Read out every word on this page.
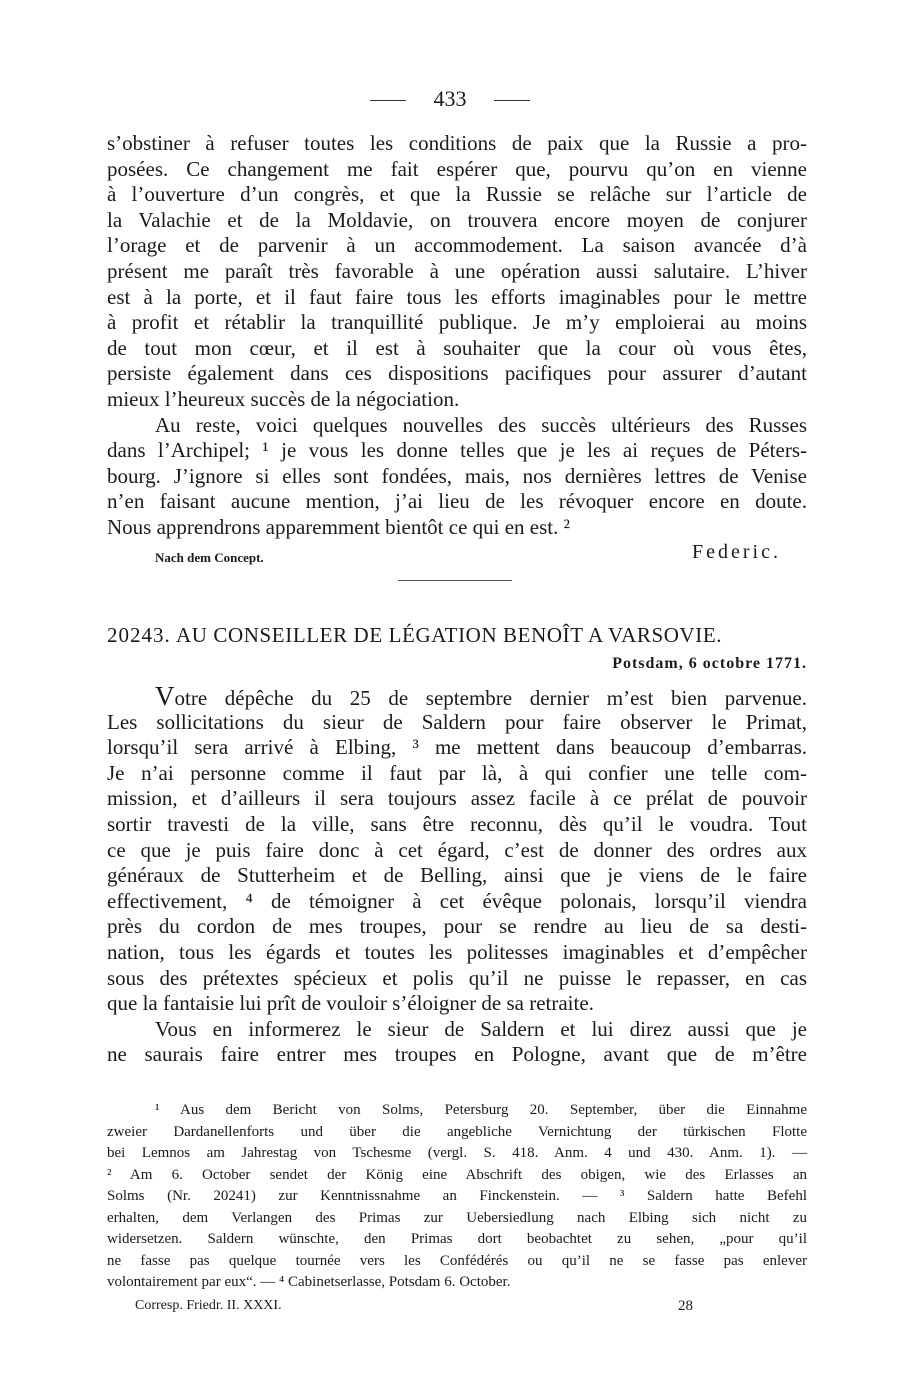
433
s’obstiner à refuser toutes les conditions de paix que la Russie a pro-
posées. Ce changement me fait espérer que, pourvu qu’on en vienne
à l’ouverture d’un congrès, et que la Russie se relâche sur l’article de
la Valachie et de la Moldavie, on trouvera encore moyen de conjurer
l’orage et de parvenir à un accommodement. La saison avancée d’à
présent me paraît très favorable à une opération aussi salutaire. L’hiver
est à la porte, et il faut faire tous les efforts imaginables pour le mettre
à profit et rétablir la tranquillité publique. Je m’y emploierai au moins
de tout mon cœur, et il est à souhaiter que la cour où vous êtes,
persiste également dans ces dispositions pacifiques pour assurer d’autant
mieux l’heureux succès de la négociation.
Au reste, voici quelques nouvelles des succès ultérieurs des Russes
dans l’Archipel; ¹ je vous les donne telles que je les ai reçues de Péters-
bourg. J’ignore si elles sont fondées, mais, nos dernières lettres de Venise
n’en faisant aucune mention, j’ai lieu de les révoquer encore en doute.
Nous apprendrons apparemment bientôt ce qui en est. ²
Nach dem Concept.	Federic.
20243. AU CONSEILLER DE LÉGATION BENOÎT A VARSOVIE.
Potsdam, 6 octobre 1771.
Votre dépêche du 25 de septembre dernier m’est bien parvenue.
Les sollicitations du sieur de Saldern pour faire observer le Primat,
lorsqu’il sera arrivé à Elbing, ³ me mettent dans beaucoup d’embarras.
Je n’ai personne comme il faut par là, à qui confier une telle com-
mission, et d’ailleurs il sera toujours assez facile à ce prélat de pouvoir
sortir travesti de la ville, sans être reconnu, dès qu’il le voudra. Tout
ce que je puis faire donc à cet égard, c’est de donner des ordres aux
généraux de Stutterheim et de Belling, ainsi que je viens de le faire
effectivement, ⁴ de témoigner à cet évêque polonais, lorsqu’il viendra
près du cordon de mes troupes, pour se rendre au lieu de sa desti-
nation, tous les égards et toutes les politesses imaginables et d’empêcher
sous des prétextes spécieux et polis qu’il ne puisse le repasser, en cas
que la fantaisie lui prît de vouloir s’éloigner de sa retraite.
Vous en informerez le sieur de Saldern et lui direz aussi que je
ne saurais faire entrer mes troupes en Pologne, avant que de m’être
¹ Aus dem Bericht von Solms, Petersburg 20. September, über die Einnahme
zweier Dardanellenforts und über die angebliche Vernichtung der türkischen Flotte
bei Lemnos am Jahrestag von Tschesme (vergl. S. 418. Anm. 4 und 430. Anm. 1). —
² Am 6. October sendet der König eine Abschrift des obigen, wie des Erlasses an
Solms (Nr. 20241) zur Kenntnissnahme an Finckenstein. — ³ Saldern hatte Befehl
erhalten, dem Verlangen des Primas zur Uebersiedlung nach Elbing sich nicht zu
widersetzen. Saldern wünschte, den Primas dort beobachtet zu sehen, „pour qu’il
ne fasse pas quelque tournée vers les Confédérés ou qu’il ne se fasse pas enlever
volontairement par eux“. — ⁴ Cabinetserlasse, Potsdam 6. October.
Corresp. Friedr. II. XXXI.	28
